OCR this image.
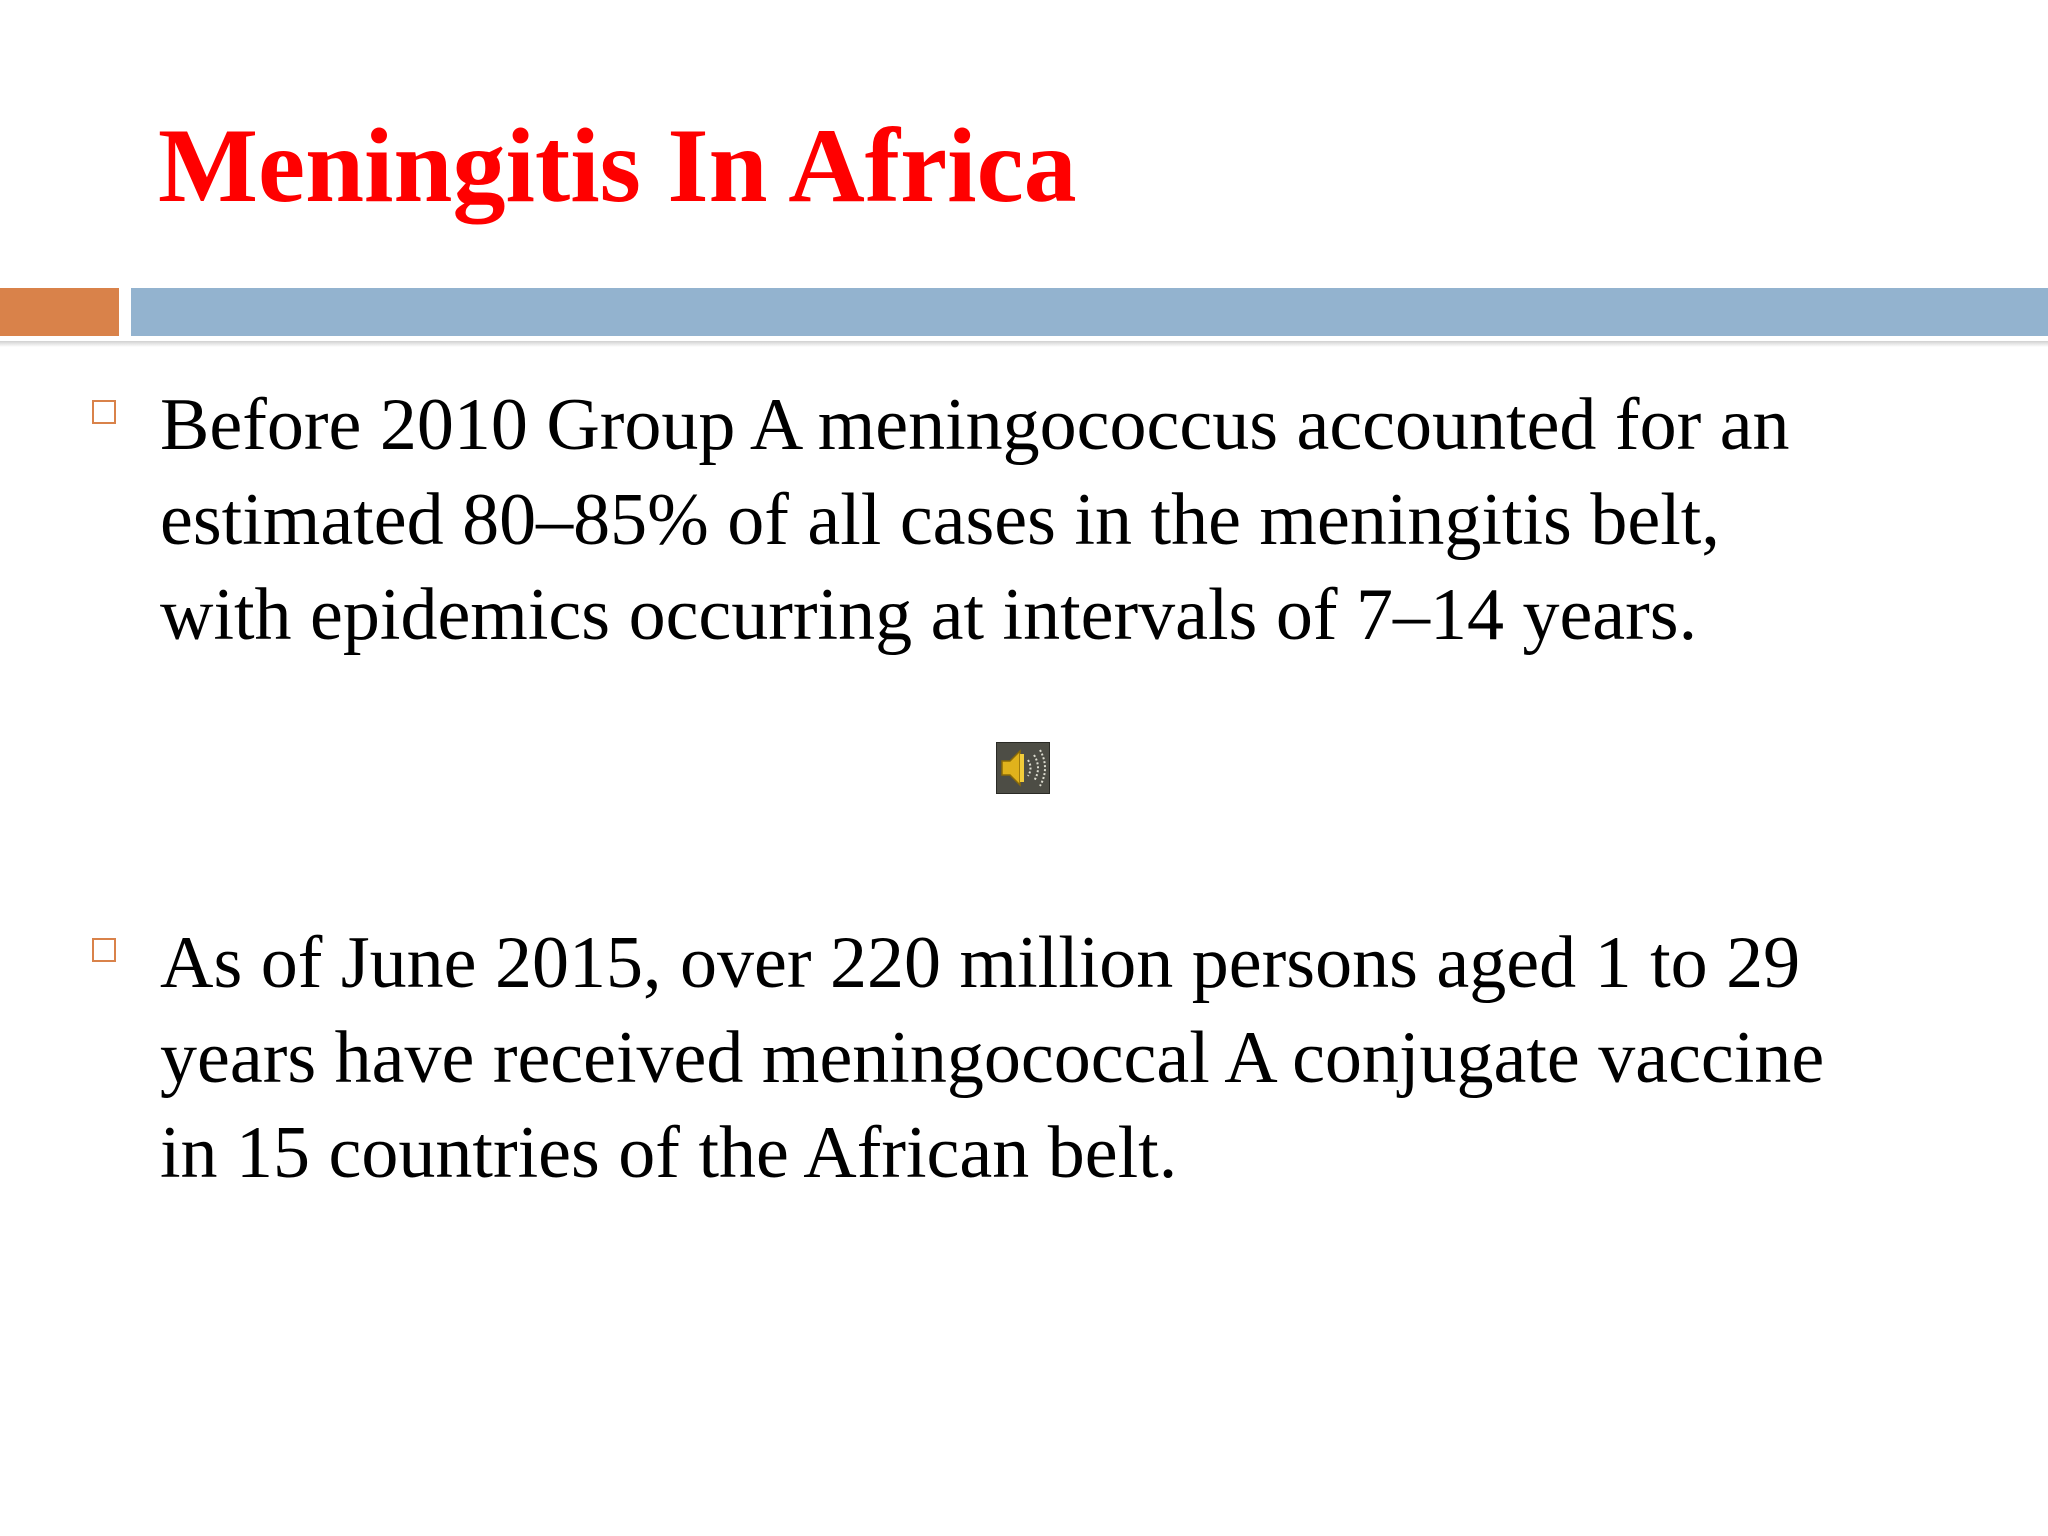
Meningitis In Africa

Before 2010 Group A meningococcus accounted for an
estimated 80–85% of all cases in the meningitis belt,
with epidemics occurring at intervals of 7–14 years.

As of June 2015, over 220 million persons aged 1 to 29
years have received meningococcal A conjugate vaccine
in 15 countries of the African belt.
